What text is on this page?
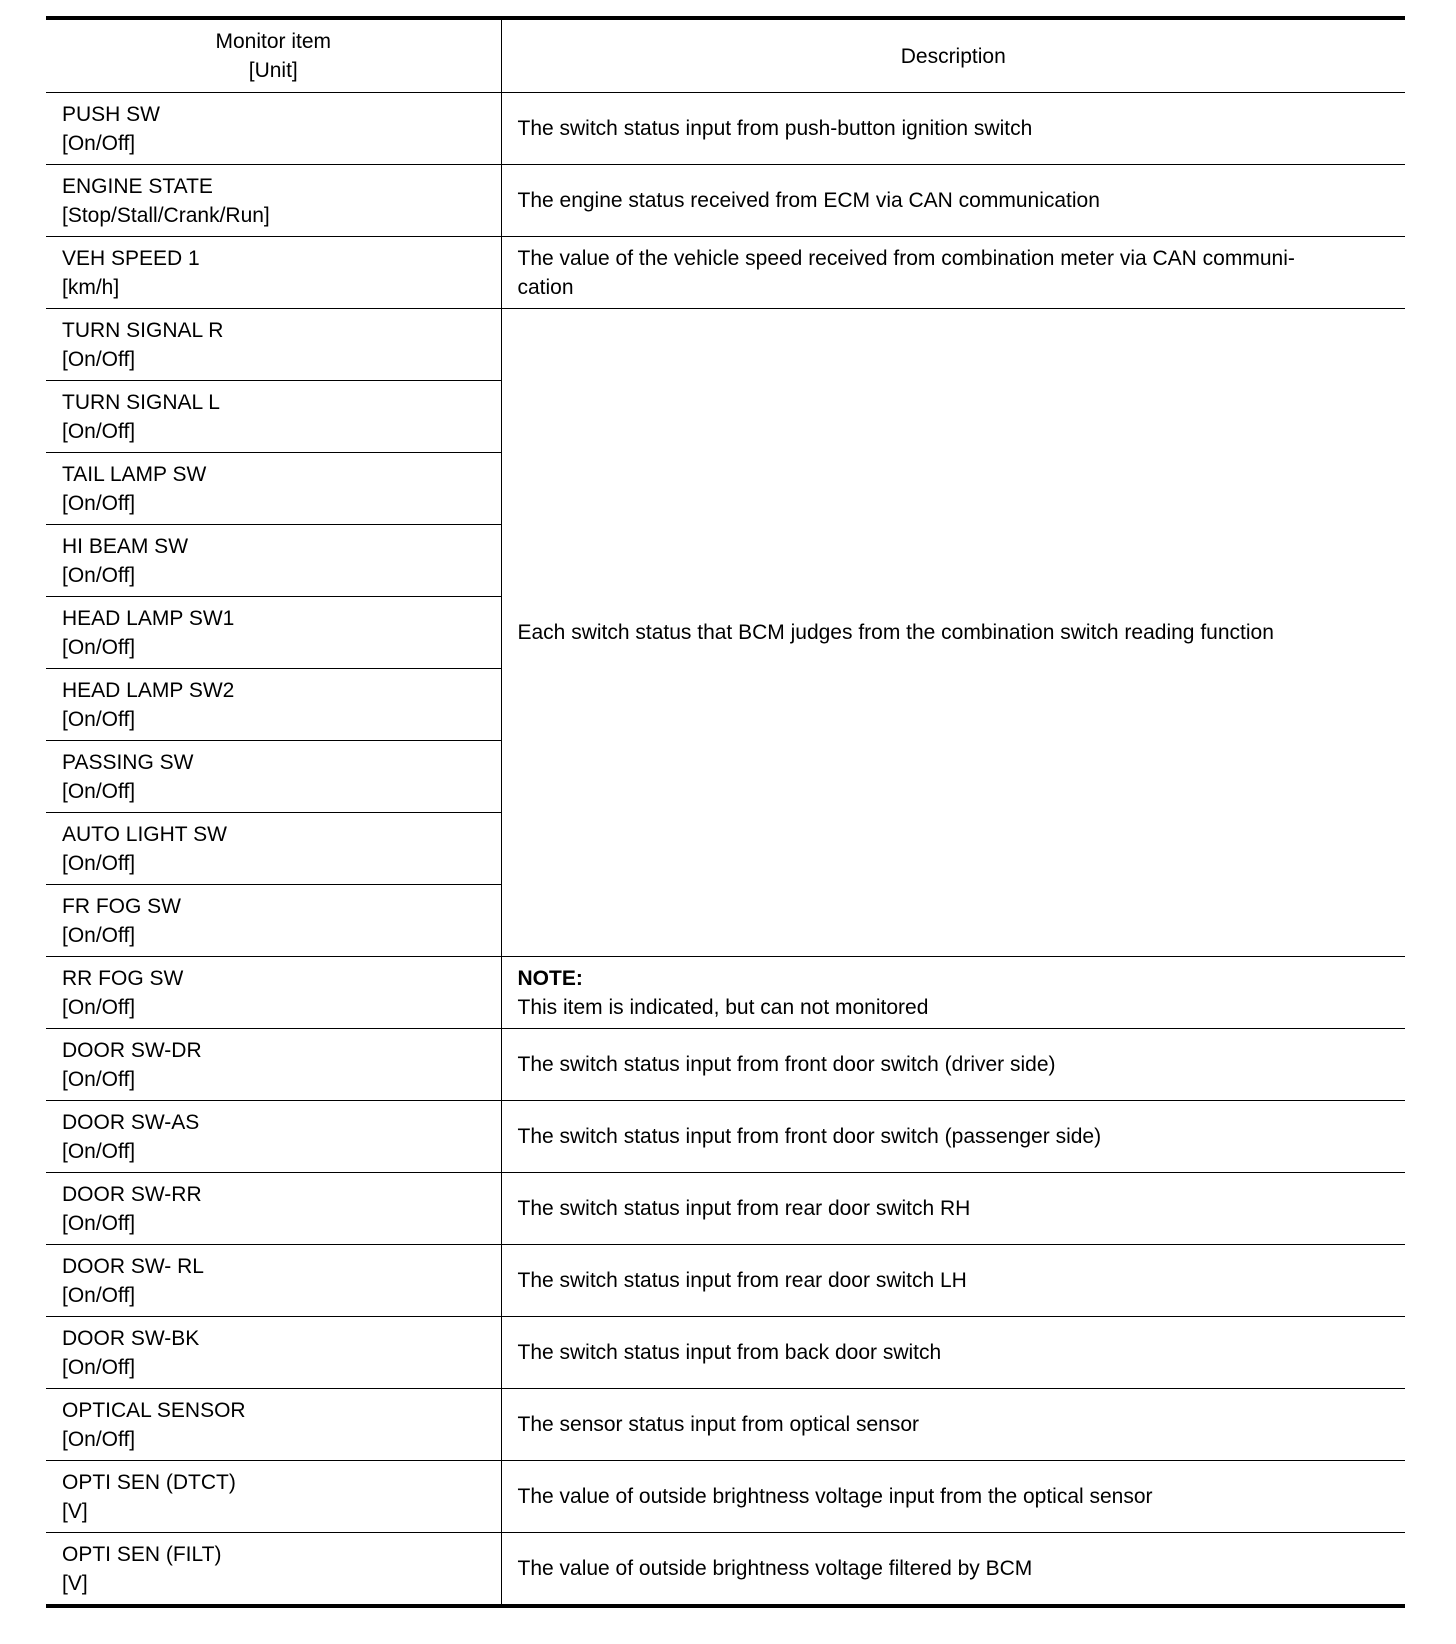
Monitor item
[Unit]	Description

PUSH SW
[On/Off]	The switch status input from push-button ignition switch

ENGINE STATE
[Stop/Stall/Crank/Run]	The engine status received from ECM via CAN communication

VEH SPEED 1
[km/h]	The value of the vehicle speed received from combination meter via CAN communi-
cation

TURN SIGNAL R
[On/Off]	Each switch status that BCM judges from the combination switch reading function

TURN SIGNAL L
[On/Off]	

TAIL LAMP SW
[On/Off]	

HI BEAM SW
[On/Off]	

HEAD LAMP SW1
[On/Off]	

HEAD LAMP SW2
[On/Off]	

PASSING SW
[On/Off]	

AUTO LIGHT SW
[On/Off]	

FR FOG SW
[On/Off]	

RR FOG SW
[On/Off]	NOTE:
This item is indicated, but can not monitored

DOOR SW-DR
[On/Off]	The switch status input from front door switch (driver side)

DOOR SW-AS
[On/Off]	The switch status input from front door switch (passenger side)

DOOR SW-RR
[On/Off]	The switch status input from rear door switch RH

DOOR SW- RL
[On/Off]	The switch status input from rear door switch LH

DOOR SW-BK
[On/Off]	The switch status input from back door switch

OPTICAL SENSOR
[On/Off]	The sensor status input from optical sensor

OPTI SEN (DTCT)
[V]	The value of outside brightness voltage input from the optical sensor

OPTI SEN (FILT)
[V]	The value of outside brightness voltage filtered by BCM
